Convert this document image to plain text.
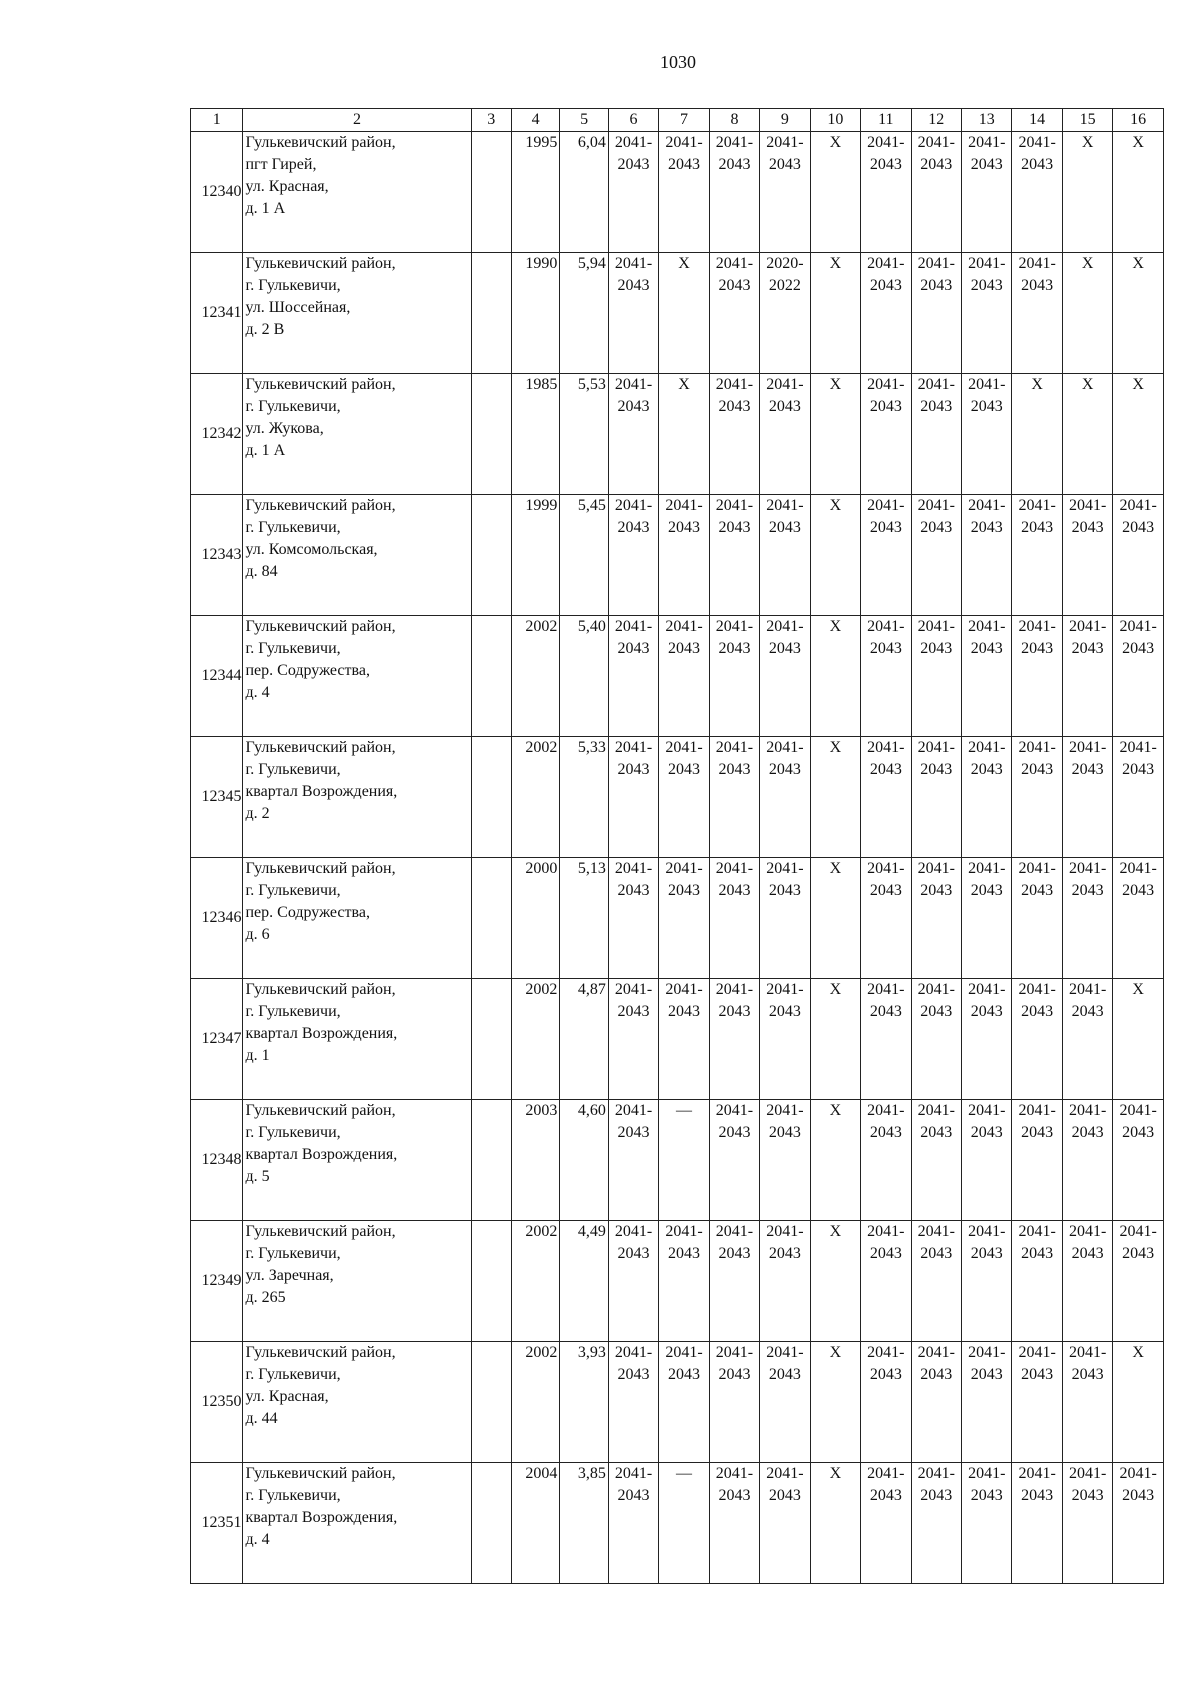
1030
1	2	3	4	5	6	7	8	9	10	11	12	13	14	15	16
12340	Гулькевичский район,
пгт Гирей,
ул. Красная,
д. 1 А		1995	6,04	2041-
2043	2041-
2043	2041-
2043	2041-
2043	X	2041-
2043	2041-
2043	2041-
2043	2041-
2043	X	X

12341	Гулькевичский район,
г. Гулькевичи,
ул. Шоссейная,
д. 2 В		1990	5,94	2041-
2043	X	2041-
2043	2020-
2022	X	2041-
2043	2041-
2043	2041-
2043	2041-
2043	X	X

12342	Гулькевичский район,
г. Гулькевичи,
ул. Жукова,
д. 1 А		1985	5,53	2041-
2043	X	2041-
2043	2041-
2043	X	2041-
2043	2041-
2043	2041-
2043	X	X	X

12343	Гулькевичский район,
г. Гулькевичи,
ул. Комсомольская,
д. 84		1999	5,45	2041-
2043	2041-
2043	2041-
2043	2041-
2043	X	2041-
2043	2041-
2043	2041-
2043	2041-
2043	2041-
2043	2041-
2043

12344	Гулькевичский район,
г. Гулькевичи,
пер. Содружества,
д. 4		2002	5,40	2041-
2043	2041-
2043	2041-
2043	2041-
2043	X	2041-
2043	2041-
2043	2041-
2043	2041-
2043	2041-
2043	2041-
2043

12345	Гулькевичский район,
г. Гулькевичи,
квартал Возрождения,
д. 2		2002	5,33	2041-
2043	2041-
2043	2041-
2043	2041-
2043	X	2041-
2043	2041-
2043	2041-
2043	2041-
2043	2041-
2043	2041-
2043

12346	Гулькевичский район,
г. Гулькевичи,
пер. Содружества,
д. 6		2000	5,13	2041-
2043	2041-
2043	2041-
2043	2041-
2043	X	2041-
2043	2041-
2043	2041-
2043	2041-
2043	2041-
2043	2041-
2043

12347	Гулькевичский район,
г. Гулькевичи,
квартал Возрождения,
д. 1		2002	4,87	2041-
2043	2041-
2043	2041-
2043	2041-
2043	X	2041-
2043	2041-
2043	2041-
2043	2041-
2043	2041-
2043	X

12348	Гулькевичский район,
г. Гулькевичи,
квартал Возрождения,
д. 5		2003	4,60	2041-
2043	—	2041-
2043	2041-
2043	X	2041-
2043	2041-
2043	2041-
2043	2041-
2043	2041-
2043	2041-
2043

12349	Гулькевичский район,
г. Гулькевичи,
ул. Заречная,
д. 265		2002	4,49	2041-
2043	2041-
2043	2041-
2043	2041-
2043	X	2041-
2043	2041-
2043	2041-
2043	2041-
2043	2041-
2043	2041-
2043

12350	Гулькевичский район,
г. Гулькевичи,
ул. Красная,
д. 44		2002	3,93	2041-
2043	2041-
2043	2041-
2043	2041-
2043	X	2041-
2043	2041-
2043	2041-
2043	2041-
2043	2041-
2043	X

12351	Гулькевичский район,
г. Гулькевичи,
квартал Возрождения,
д. 4		2004	3,85	2041-
2043	—	2041-
2043	2041-
2043	X	2041-
2043	2041-
2043	2041-
2043	2041-
2043	2041-
2043	2041-
2043
